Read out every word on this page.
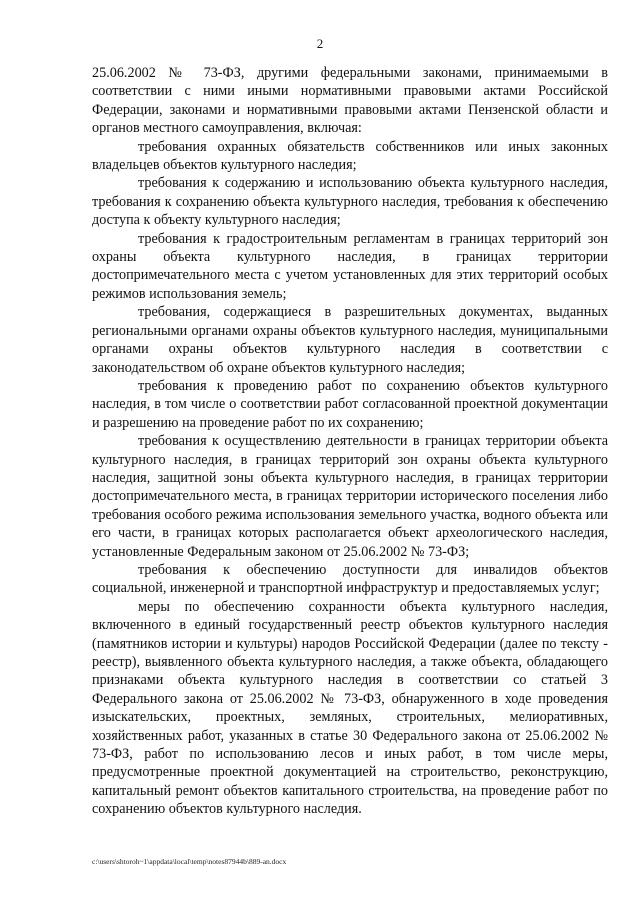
2

25.06.2002 № 73-ФЗ, другими федеральными законами, принимаемыми в соответствии с ними иными нормативными правовыми актами Российской Федерации, законами и нормативными правовыми актами Пензенской области и органов местного самоуправления, включая:

требования охранных обязательств собственников или иных законных владельцев объектов культурного наследия;

требования к содержанию и использованию объекта культурного наследия, требования к сохранению объекта культурного наследия, требования к обеспечению доступа к объекту культурного наследия;

требования к градостроительным регламентам в границах территорий зон охраны объекта культурного наследия, в границах территории достопримечательного места с учетом установленных для этих территорий особых режимов использования земель;

требования, содержащиеся в разрешительных документах, выданных региональными органами охраны объектов культурного наследия, муниципальными органами охраны объектов культурного наследия в соответствии с законодательством об охране объектов культурного наследия;

требования к проведению работ по сохранению объектов культурного наследия, в том числе о соответствии работ согласованной проектной документации и разрешению на проведение работ по их сохранению;

требования к осуществлению деятельности в границах территории объекта культурного наследия, в границах территорий зон охраны объекта культурного наследия, защитной зоны объекта культурного наследия, в границах территории достопримечательного места, в границах территории исторического поселения либо требования особого режима использования земельного участка, водного объекта или его части, в границах которых располагается объект археологического наследия, установленные Федеральным законом от 25.06.2002 № 73-ФЗ;

требования к обеспечению доступности для инвалидов объектов социальной, инженерной и транспортной инфраструктур и предоставляемых услуг;

меры по обеспечению сохранности объекта культурного наследия, включенного в единый государственный реестр объектов культурного наследия (памятников истории и культуры) народов Российской Федерации (далее по тексту - реестр), выявленного объекта культурного наследия, а также объекта, обладающего признаками объекта культурного наследия в соответствии со статьей 3 Федерального закона от 25.06.2002 № 73-ФЗ, обнаруженного в ходе проведения изыскательских, проектных, земляных, строительных, мелиоративных, хозяйственных работ, указанных в статье 30 Федерального закона от 25.06.2002 № 73-ФЗ, работ по использованию лесов и иных работ, в том числе меры, предусмотренные проектной документацией на строительство, реконструкцию, капитальный ремонт объектов капитального строительства, на проведение работ по сохранению объектов культурного наследия.

c:\users\shtoroh~1\appdata\local\temp\notes87944b\889-an.docx
